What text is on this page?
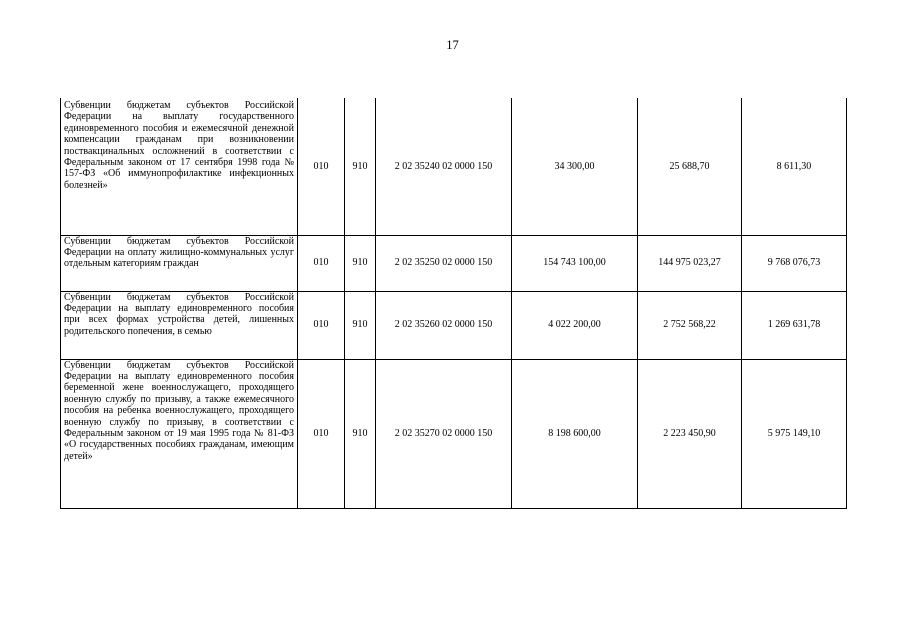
17
Субвенции бюджетам субъектов Российской Федерации на выплату государственного единовременного пособия и ежемесячной денежной компенсации гражданам при возникновении поствакцинальных осложнений в соответствии с Федеральным законом от 17 сентября 1998 года № 157-ФЗ «Об иммунопрофилактике инфекционных болезней»	010	910	2 02 35240 02 0000 150	34 300,00	25 688,70	8 611,30
Субвенции бюджетам субъектов Российской Федерации на оплату жилищно-коммунальных услуг отдельным категориям граждан	010	910	2 02 35250 02 0000 150	154 743 100,00	144 975 023,27	9 768 076,73
Субвенции бюджетам субъектов Российской Федерации на выплату единовременного пособия при всех формах устройства детей, лишенных родительского попечения, в семью	010	910	2 02 35260 02 0000 150	4 022 200,00	2 752 568,22	1 269 631,78
Субвенции бюджетам субъектов Российской Федерации на выплату единовременного пособия беременной жене военнослужащего, проходящего военную службу по призыву, а также ежемесячного пособия на ребенка военнослужащего, проходящего военную службу по призыву, в соответствии с Федеральным законом от 19 мая 1995 года № 81-ФЗ «О государственных пособиях гражданам, имеющим детей»	010	910	2 02 35270 02 0000 150	8 198 600,00	2 223 450,90	5 975 149,10
